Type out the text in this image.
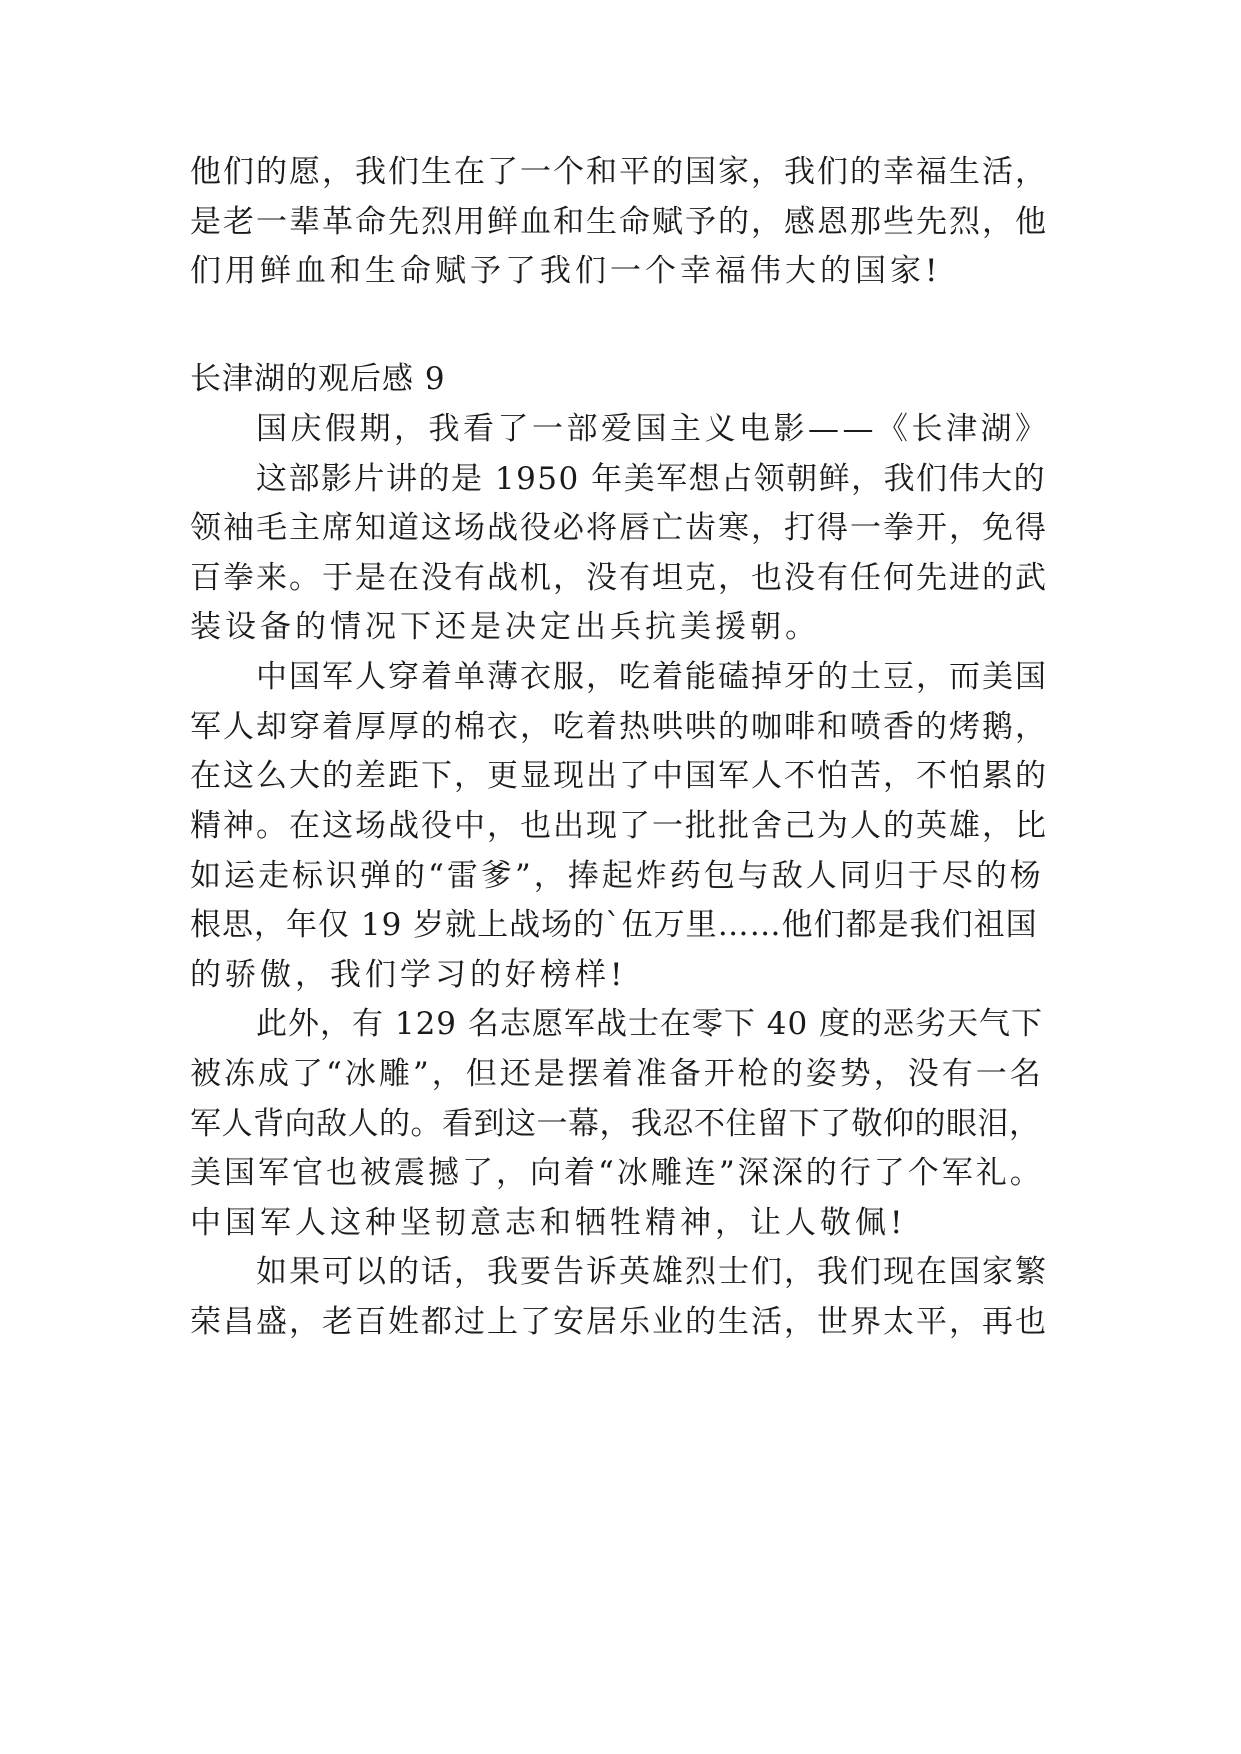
他们的愿，我们生在了一个和平的国家，我们的幸福生活，
是老一辈革命先烈用鲜血和生命赋予的，感恩那些先烈，他
们用鲜血和生命赋予了我们一个幸福伟大的国家!
长津湖的观后感 9
国庆假期，我看了一部爱国主义电影——《长津湖》
这部影片讲的是 1950 年美军想占领朝鲜，我们伟大的
领袖毛主席知道这场战役必将唇亡齿寒，打得一拳开，免得
百拳来。于是在没有战机，没有坦克，也没有任何先进的武
装设备的情况下还是决定出兵抗美援朝。
中国军人穿着单薄衣服，吃着能磕掉牙的土豆，而美国
军人却穿着厚厚的棉衣，吃着热哄哄的咖啡和喷香的烤鹅，
在这么大的差距下，更显现出了中国军人不怕苦，不怕累的
精神。在这场战役中，也出现了一批批舍己为人的英雄，比
如运走标识弹的“雷爹”，捧起炸药包与敌人同归于尽的杨
根思，年仅 19 岁就上战场的`伍万里……他们都是我们祖国
的骄傲，我们学习的好榜样!
此外，有 129 名志愿军战士在零下 40 度的恶劣天气下
被冻成了“冰雕”，但还是摆着准备开枪的姿势，没有一名
军人背向敌人的。看到这一幕，我忍不住留下了敬仰的眼泪，
美国军官也被震撼了，向着“冰雕连”深深的行了个军礼。
中国军人这种坚韧意志和牺牲精神，让人敬佩!
如果可以的话，我要告诉英雄烈士们，我们现在国家繁
荣昌盛，老百姓都过上了安居乐业的生活，世界太平，再也
